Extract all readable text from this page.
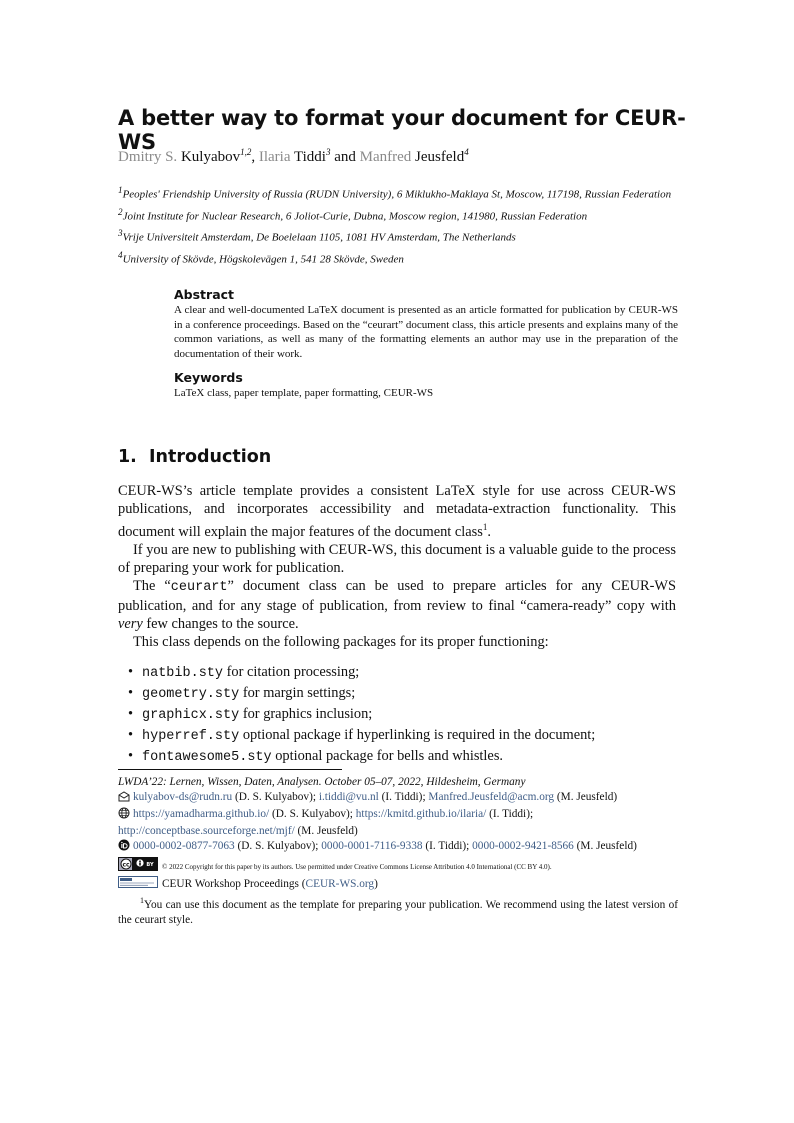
A better way to format your document for CEUR-WS
Dmitry S. Kulyabov$^{1,2}$, Ilaria Tiddi$^3$ and Manfred Jeusfeld$^4$
$^1$Peoples' Friendship University of Russia (RUDN University), 6 Miklukho-Maklaya St, Moscow, 117198, Russian Federation
$^2$Joint Institute for Nuclear Research, 6 Joliot-Curie, Dubna, Moscow region, 141980, Russian Federation
$^3$Vrije Universiteit Amsterdam, De Boelelaan 1105, 1081 HV Amsterdam, The Netherlands
$^4$University of Skövde, Högskolevägen 1, 541 28 Skövde, Sweden
Abstract
A clear and well-documented LaTeX document is presented as an article formatted for publication by CEUR-WS in a conference proceedings. Based on the “ceurart” document class, this article presents and explains many of the common variations, as well as many of the formatting elements an author may use in the preparation of the documentation of their work.
Keywords
LaTeX class, paper template, paper formatting, CEUR-WS
1. Introduction

CEUR-WS’s article template provides a consistent LaTeX style for use across CEUR-WS publications, and incorporates accessibility and metadata-extraction functionality. This document will explain the major features of the document class$^1$.

If you are new to publishing with CEUR-WS, this document is a valuable guide to the process of preparing your work for publication.

The “ceurart” document class can be used to prepare articles for any CEUR-WS publication, and for any stage of publication, from review to final “camera-ready” copy with very few changes to the source.

This class depends on the following packages for its proper functioning:

• natbib.sty for citation processing;
• geometry.sty for margin settings;
• graphicx.sty for graphics inclusion;
• hyperref.sty optional package if hyperlinking is required in the document;
• fontawesome5.sty optional package for bells and whistles.
LWDA’22: Lernen, Wissen, Daten, Analysen. October 05–07, 2022, Hildesheim, Germany
kulyabov-ds@rudn.ru (D. S. Kulyabov); i.tiddi@vu.nl (I. Tiddi); Manfred.Jeusfeld@acm.org (M. Jeusfeld)
https://yamadharma.github.io/ (D. S. Kulyabov); https://kmitd.github.io/ilaria/ (I. Tiddi);
http://conceptbase.sourceforge.net/mjf/ (M. Jeusfeld)
0000-0002-0877-7063 (D. S. Kulyabov); 0000-0001-7116-9338 (I. Tiddi); 0000-0002-9421-8566 (M. Jeusfeld)
cc	BY © 2022 Copyright for this paper by its authors. Use permitted under Creative Commons License Attribution 4.0 International (CC BY 4.0).
CEUR Workshop Proceedings (CEUR-WS.org)
$^1$You can use this document as the template for preparing your publication. We recommend using the latest version of the ceurart style.
